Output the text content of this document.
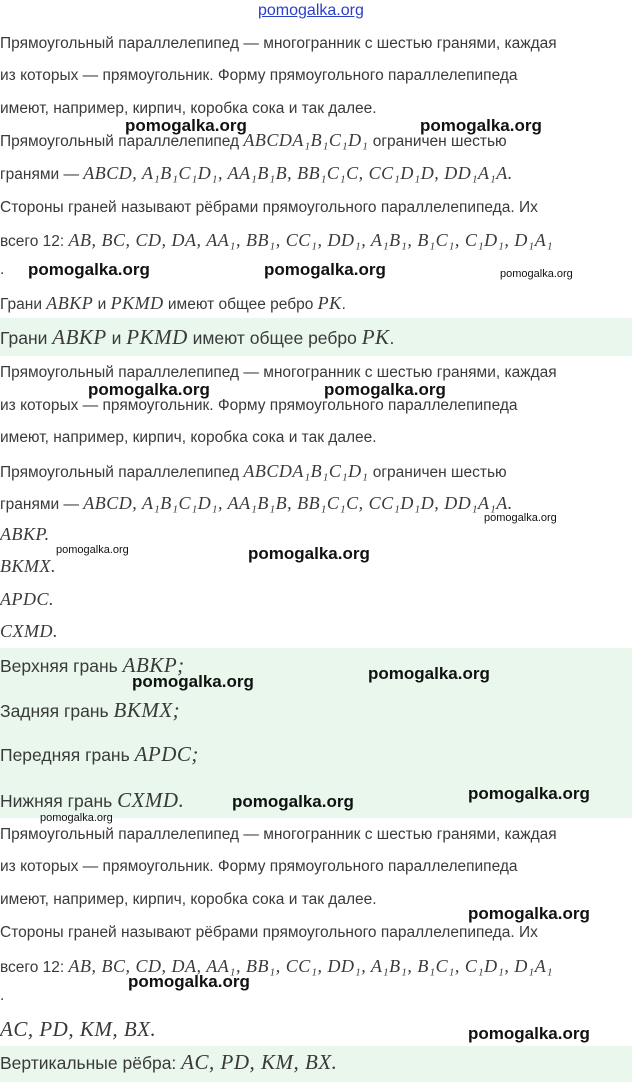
pomogalka.org
Прямоугольный параллелепипед — многогранник с шестью гранями, каждая
из которых — прямоугольник. Форму прямоугольного параллелепипеда
имеют, например, кирпич, коробка сока и так далее.
Прямоугольный параллелепипед ABCDA₁B₁C₁D₁ ограничен шестью
гранями — ABCD, A₁B₁C₁D₁, AA₁B₁B, BB₁C₁C, CC₁D₁D, DD₁A₁A.
Стороны граней называют рёбрами прямоугольного параллелепипеда. Их
всего 12: AB, BC, CD, DA, AA₁, BB₁, CC₁, DD₁, A₁B₁, B₁C₁, C₁D₁, D₁A₁
.
Грани ABKP и PKMD имеют общее ребро PK.
Грани ABKP и PKMD имеют общее ребро PK.
Прямоугольный параллелепипед — многогранник с шестью гранями, каждая
из которых — прямоугольник. Форму прямоугольного параллелепипеда
имеют, например, кирпич, коробка сока и так далее.
Прямоугольный параллелепипед ABCDA₁B₁C₁D₁ ограничен шестью
гранями — ABCD, A₁B₁C₁D₁, AA₁B₁B, BB₁C₁C, CC₁D₁D, DD₁A₁A.
ABKP.
BKMX.
APDC.
CXMD.
Верхняя грань ABKP;
Задняя грань BKMX;
Передняя грань APDC;
Нижняя грань CXMD.
Прямоугольный параллелепипед — многогранник с шестью гранями, каждая
из которых — прямоугольник. Форму прямоугольного параллелепипеда
имеют, например, кирпич, коробка сока и так далее.
Стороны граней называют рёбрами прямоугольного параллелепипеда. Их
всего 12: AB, BC, CD, DA, AA₁, BB₁, CC₁, DD₁, A₁B₁, B₁C₁, C₁D₁, D₁A₁
.
AC, PD, KM, BX.
Вертикальные рёбра: AC, PD, KM, BX.
pomogalka.org	pomogalka.org
pomogalka.org	pomogalka.org	pomogalka.org
pomogalka.org	pomogalka.org
pomogalka.org
pomogalka.org	pomogalka.org
pomogalka.org
pomogalka.org
pomogalka.org
pomogalka.org
pomogalka.org
pomogalka.org
pomogalka.org
pomogalka.org
